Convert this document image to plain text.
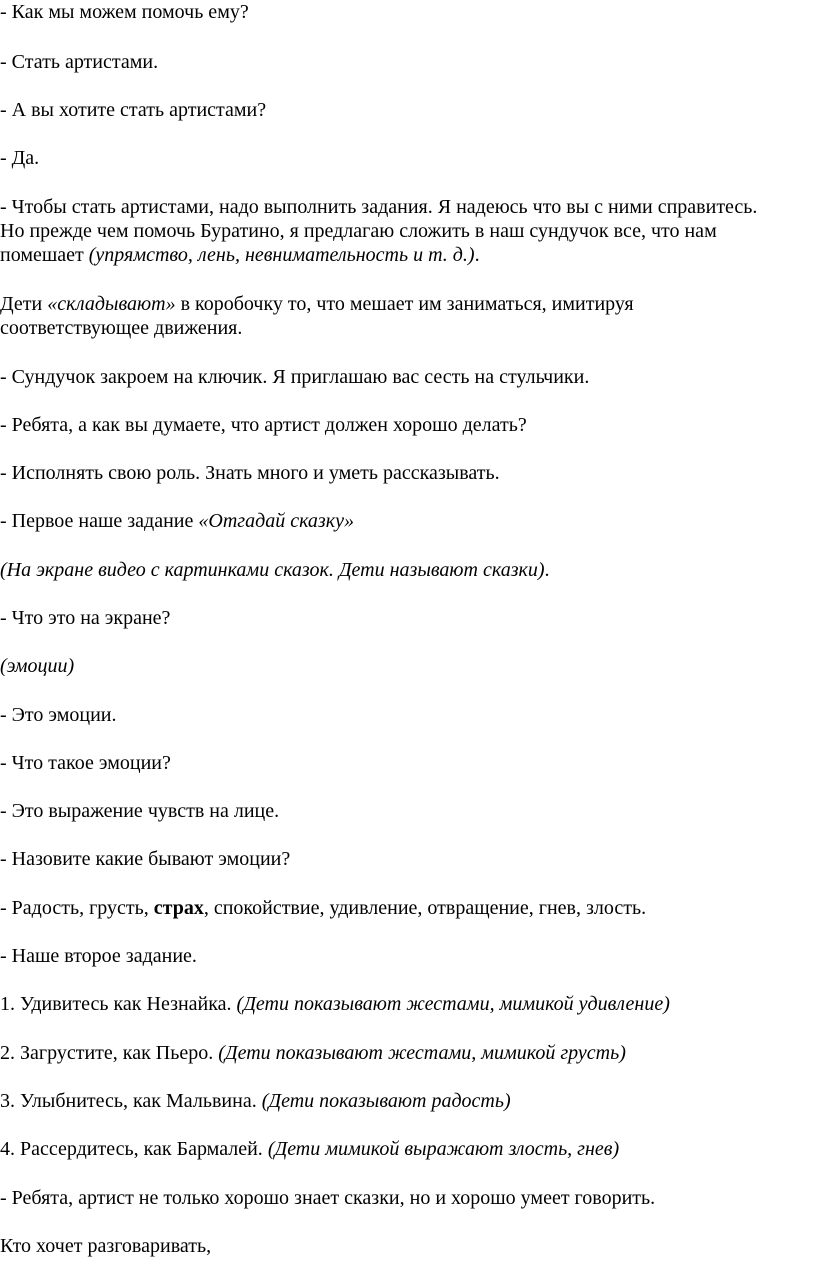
- Как мы можем помочь ему?

- Стать артистами.

- А вы хотите стать артистами?

- Да.

- Чтобы стать артистами, надо выполнить задания. Я надеюсь что вы с ними справитесь.

Но прежде чем помочь Буратино, я предлагаю сложить в наш сундучок все, что нам

помешает (упрямство, лень, невнимательность и т. д.).

Дети «складывают» в коробочку то, что мешает им заниматься, имитируя

соответствующее движения.

- Сундучок закроем на ключик. Я приглашаю вас сесть на стульчики.

- Ребята, а как вы думаете, что артист должен хорошо делать?

- Исполнять свою роль. Знать много и уметь рассказывать.

- Первое наше задание «Отгадай сказку»

(На экране видео с картинками сказок. Дети называют сказки).

- Что это на экране?

(эмоции)

- Это эмоции.

- Что такое эмоции?

- Это выражение чувств на лице.

- Назовите какие бывают эмоции?

- Радость, грусть, страх, спокойствие, удивление, отвращение, гнев, злость.

- Наше второе задание.

1. Удивитесь как Незнайка. (Дети показывают жестами, мимикой удивление)

2. Загрустите, как Пьеро. (Дети показывают жестами, мимикой грусть)

3. Улыбнитесь, как Мальвина. (Дети показывают радость)

4. Рассердитесь, как Бармалей. (Дети мимикой выражают злость, гнев)

- Ребята, артист не только хорошо знает сказки, но и хорошо умеет говорить.

Кто хочет разговаривать,
